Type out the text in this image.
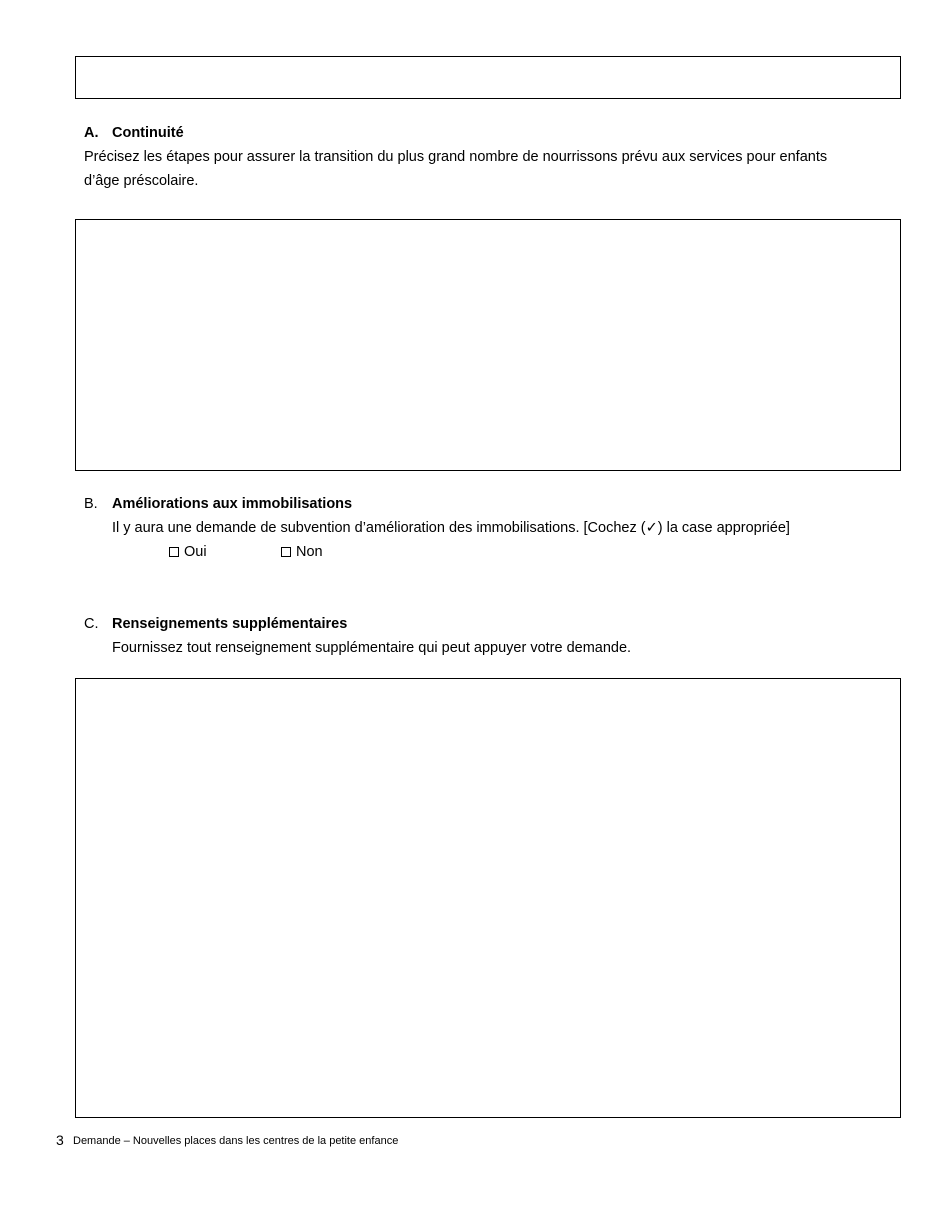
A. Continuité
Précisez les étapes pour assurer la transition du plus grand nombre de nourrissons prévu aux services pour enfants
d’âge préscolaire.
B. Améliorations aux immobilisations
Il y aura une demande de subvention d’amélioration des immobilisations. [Cochez (✓) la case appropriée]
Oui	Non
C. Renseignements supplémentaires
Fournissez tout renseignement supplémentaire qui peut appuyer votre demande.
3 Demande – Nouvelles places dans les centres de la petite enfance
